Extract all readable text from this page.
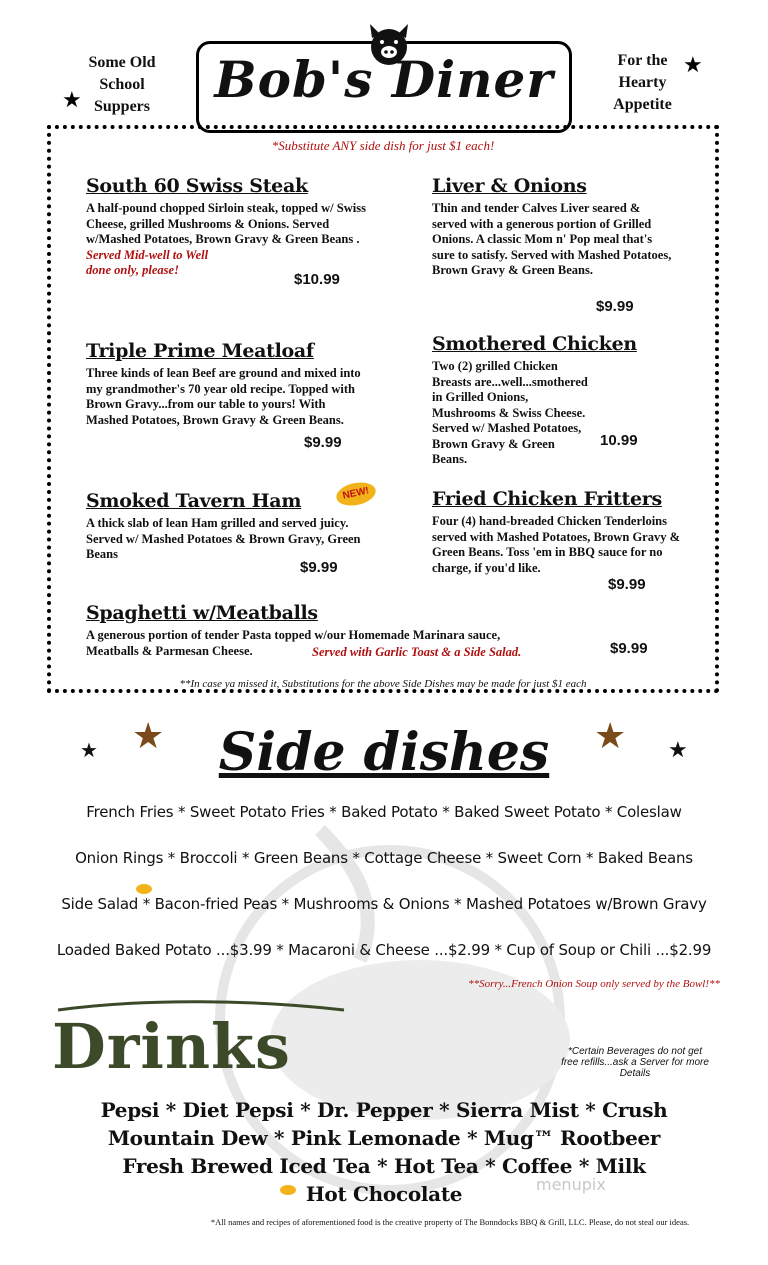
Some Old
School
Suppers
★
For the
Hearty
Appetite
★
Bob's Diner
*Substitute ANY side dish for just $1 each!
South 60 Swiss Steak
A half-pound chopped Sirloin steak, topped w/ Swiss Cheese, grilled Mushrooms & Onions. Served w/Mashed Potatoes, Brown Gravy & Green Beans .
Served Mid-well to Well done only, please!
$10.99
Liver & Onions
Thin and tender Calves Liver seared & served with a generous portion of Grilled Onions. A classic Mom n' Pop meal that's sure to satisfy. Served with Mashed Potatoes, Brown Gravy & Green Beans.
$9.99
Triple Prime Meatloaf
Three kinds of lean Beef are ground and mixed into my grandmother's 70 year old recipe. Topped with Brown Gravy...from our table to yours! With Mashed Potatoes, Brown Gravy & Green Beans.
$9.99
Smothered Chicken
Two (2) grilled Chicken Breasts are...well...smothered in Grilled Onions, Mushrooms & Swiss Cheese. Served w/ Mashed Potatoes, Brown Gravy & Green Beans.
10.99
Smoked Tavern Ham
A thick slab of lean Ham grilled and served juicy. Served w/ Mashed Potatoes & Brown Gravy, Green Beans
NEW!
$9.99
Fried Chicken Fritters
Four (4) hand-breaded Chicken Tenderloins served with Mashed Potatoes, Brown Gravy & Green Beans. Toss 'em in BBQ sauce for no charge, if you'd like.
$9.99
Spaghetti w/Meatballs
A generous portion of tender Pasta topped w/our Homemade Marinara sauce, Meatballs & Parmesan Cheese.	Served with Garlic Toast & a Side Salad.	$9.99
**In case ya missed it, Substitutions for the above Side Dishes may be made for just $1 each
★ ★	★ ★
Side dishes
French Fries * Sweet Potato Fries * Baked Potato * Baked Sweet Potato * Coleslaw
Onion Rings * Broccoli * Green Beans * Cottage Cheese * Sweet Corn * Baked Beans
Side Salad * Bacon-fried Peas * Mushrooms & Onions * Mashed Potatoes w/Brown Gravy
Loaded Baked Potato ...$3.99 * Macaroni & Cheese ...$2.99 * Cup of Soup or Chili ...$2.99
**Sorry...French Onion Soup only served by the Bowl!**
Drinks	*Certain Beverages do not get free refills...ask a Server for more Details
Pepsi * Diet Pepsi * Dr. Pepper * Sierra Mist * Crush
Mountain Dew * Pink Lemonade * Mug™ Rootbeer
Fresh Brewed Iced Tea * Hot Tea * Coffee * Milk
Hot Chocolate	menupix
*All names and recipes of aforementioned food is the creative property of The Bonndocks BBQ & Grill, LLC. Please, do not steal our ideas.
